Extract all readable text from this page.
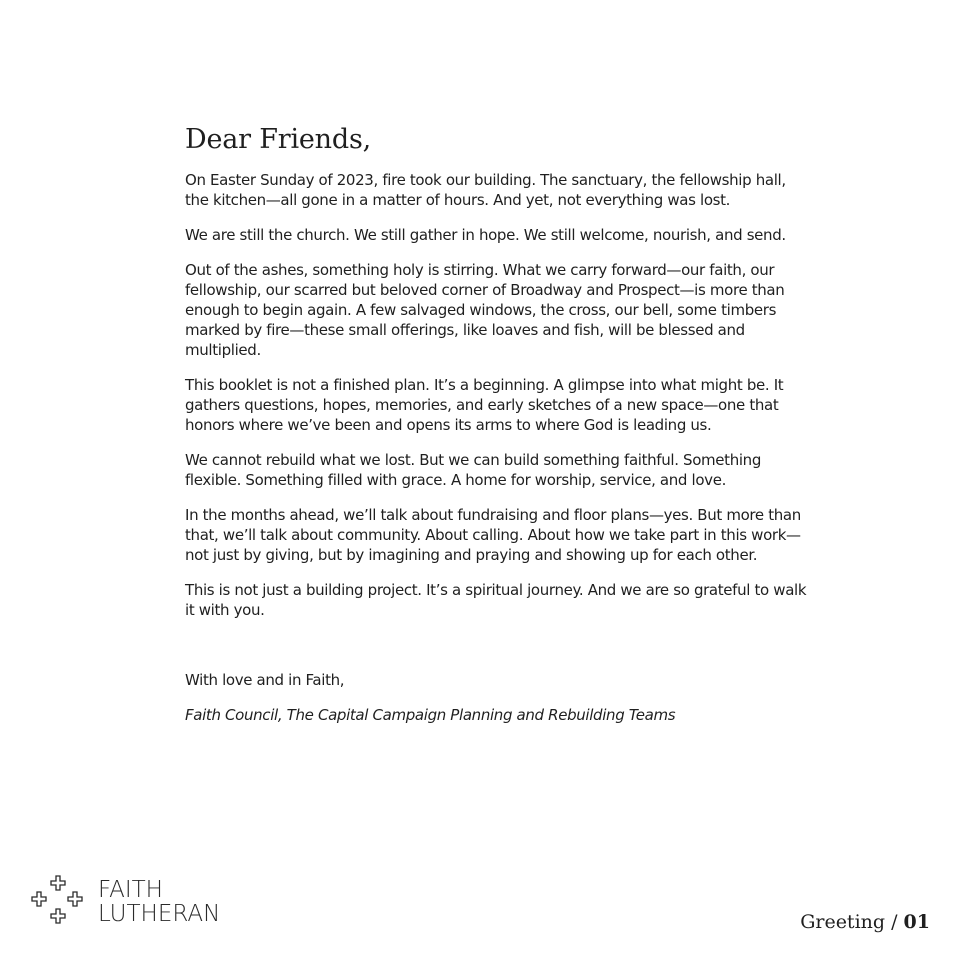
Dear Friends,

On Easter Sunday of 2023, fire took our building. The sanctuary, the fellowship hall, the kitchen—all gone in a matter of hours. And yet, not everything was lost.

We are still the church. We still gather in hope. We still welcome, nourish, and send.

Out of the ashes, something holy is stirring. What we carry forward—our faith, our fellowship, our scarred but beloved corner of Broadway and Prospect—is more than enough to begin again. A few salvaged windows, the cross, our bell, some timbers marked by fire—these small offerings, like loaves and fish, will be blessed and multiplied.

This booklet is not a finished plan. It’s a beginning. A glimpse into what might be. It gathers questions, hopes, memories, and early sketches of a new space—one that honors where we’ve been and opens its arms to where God is leading us.

We cannot rebuild what we lost. But we can build something faithful. Something flexible. Something filled with grace. A home for worship, service, and love.

In the months ahead, we’ll talk about fundraising and floor plans—yes. But more than that, we’ll talk about community. About calling. About how we take part in this work—not just by giving, but by imagining and praying and showing up for each other.

This is not just a building project. It’s a spiritual journey. And we are so grateful to walk it with you.

With love and in Faith,

Faith Council, The Capital Campaign Planning and Rebuilding Teams

FAITH
LUTHERAN	Greeting / 01
